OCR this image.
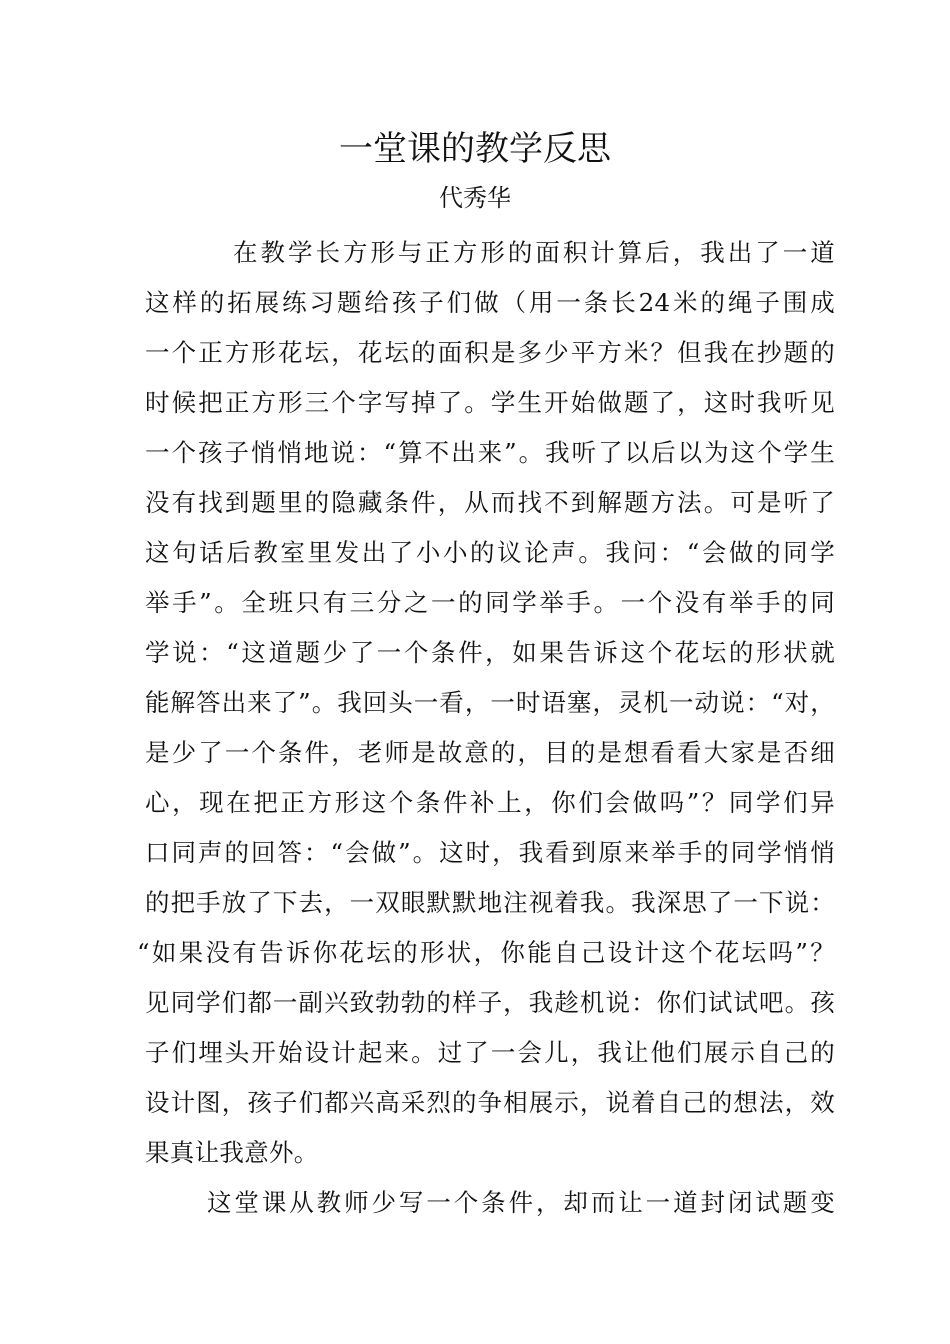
一堂课的教学反思
代秀华
在教学长方形与正方形的面积计算后，我出了一道
这样的拓展练习题给孩子们做（用一条长24米的绳子围成
一个正方形花坛，花坛的面积是多少平方米？但我在抄题的
时候把正方形三个字写掉了。学生开始做题了，这时我听见
一个孩子悄悄地说：“算不出来”。我听了以后以为这个学生
没有找到题里的隐藏条件，从而找不到解题方法。可是听了
这句话后教室里发出了小小的议论声。我问：“会做的同学
举手”。全班只有三分之一的同学举手。一个没有举手的同
学说：“这道题少了一个条件，如果告诉这个花坛的形状就
能解答出来了”。我回头一看，一时语塞，灵机一动说：“对，
是少了一个条件，老师是故意的，目的是想看看大家是否细
心，现在把正方形这个条件补上，你们会做吗”？同学们异
口同声的回答：“会做”。这时，我看到原来举手的同学悄悄
的把手放了下去，一双眼默默地注视着我。我深思了一下说：
“如果没有告诉你花坛的形状，你能自己设计这个花坛吗”？
见同学们都一副兴致勃勃的样子，我趁机说：你们试试吧。孩
子们埋头开始设计起来。过了一会儿，我让他们展示自己的
设计图，孩子们都兴高采烈的争相展示，说着自己的想法，效
果真让我意外。
这堂课从教师少写一个条件，却而让一道封闭试题变
